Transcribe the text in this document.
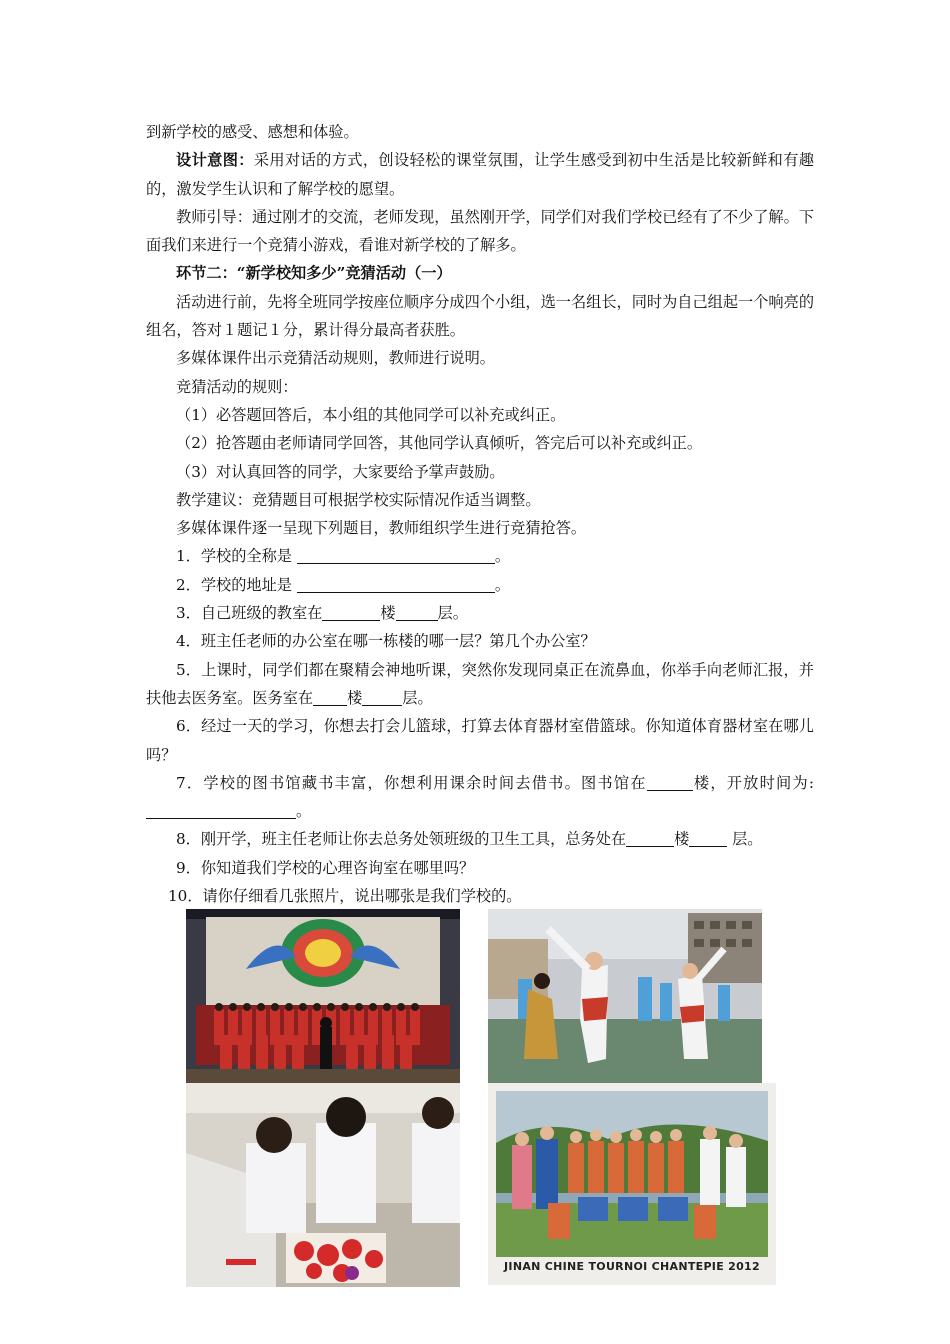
到新学校的感受、感想和体验。

设计意图：采用对话的方式，创设轻松的课堂氛围，让学生感受到初中生活是比较新鲜和有趣的，激发学生认识和了解学校的愿望。

教师引导：通过刚才的交流，老师发现，虽然刚开学，同学们对我们学校已经有了不少了解。下面我们来进行一个竞猜小游戏，看谁对新学校的了解多。

环节二：“新学校知多少”竞猜活动（一）

活动进行前，先将全班同学按座位顺序分成四个小组，选一名组长，同时为自己组起一个响亮的组名，答对１题记１分，累计得分最高者获胜。

多媒体课件出示竞猜活动规则，教师进行说明。

竞猜活动的规则：

（1）必答题回答后，本小组的其他同学可以补充或纠正。

（2）抢答题由老师请同学回答，其他同学认真倾听，答完后可以补充或纠正。

（3）对认真回答的同学，大家要给予掌声鼓励。

教学建议：竞猜题目可根据学校实际情况作适当调整。

多媒体课件逐一呈现下列题目，教师组织学生进行竞猜抢答。

1．学校的全称是	。

2．学校的地址是	。

3．自己班级的教室在	楼	层。

4．班主任老师的办公室在哪一栋楼的哪一层？第几个办公室？

5．上课时，同学们都在聚精会神地听课，突然你发现同桌正在流鼻血，你举手向老师汇报，并扶他去医务室。医务室在 楼	层。

6．经过一天的学习，你想去打会儿篮球，打算去体育器材室借篮球。你知道体育器材室在哪儿吗？

7．学校的图书馆藏书丰富，你想利用课余时间去借书。图书馆在	楼，开放时间为: 。

8．刚开学，班主任老师让你去总务处领班级的卫生工具，总务处在	楼	层。

9．你知道我们学校的心理咨询室在哪里吗？

10．请你仔细看几张照片，说出哪张是我们学校的。

JINAN CHINE TOURNOI CHANTEPIE 2012
